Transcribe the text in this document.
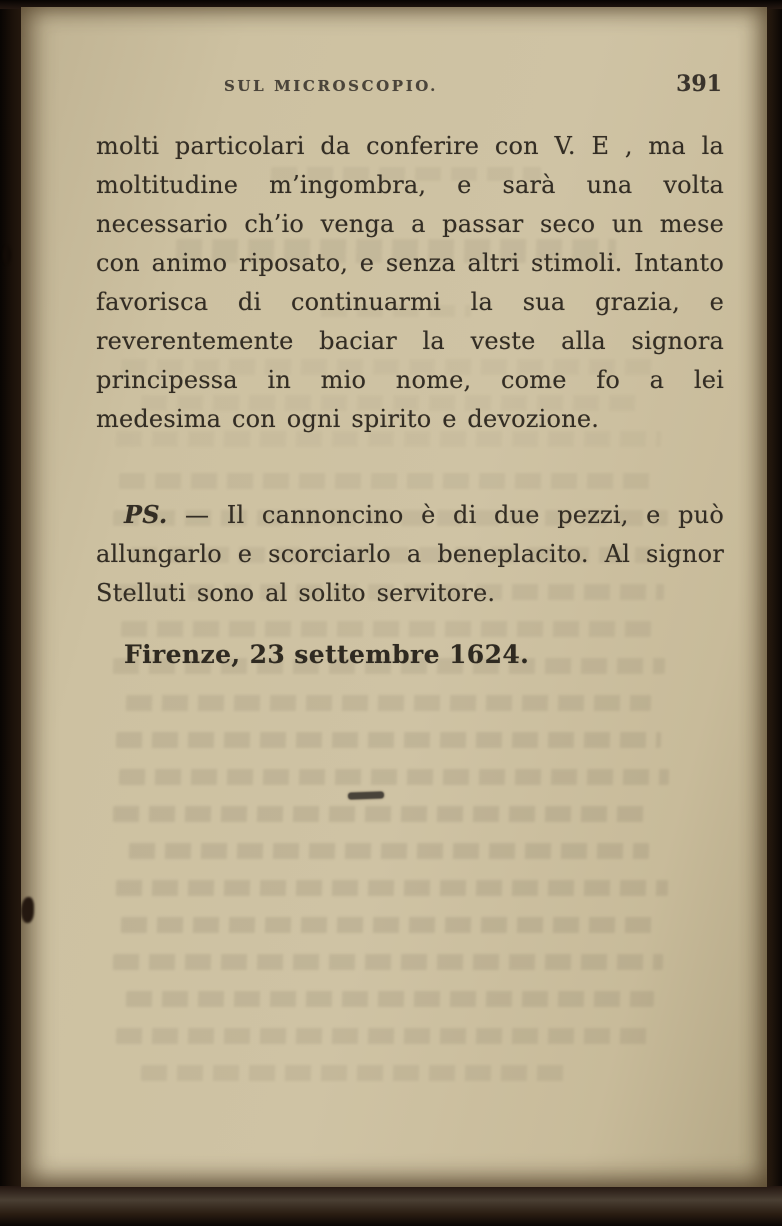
SUL MICROSCOPIO.	391

molti particolari da conferire con V. E , ma la moltitudine m’ingombra, e sarà una volta necessario ch’io venga a passar seco un mese con animo riposato, e senza altri stimoli. Intanto favorisca di continuarmi la sua grazia, e reverentemente baciar la veste alla signora principessa in mio nome, come fo a lei medesima con ogni spirito e devozione.

PS. — Il cannoncino è di due pezzi, e può allungarlo e scorciarlo a beneplacito. Al signor Stelluti sono al solito servitore.

Firenze, 23 settembre 1624.
